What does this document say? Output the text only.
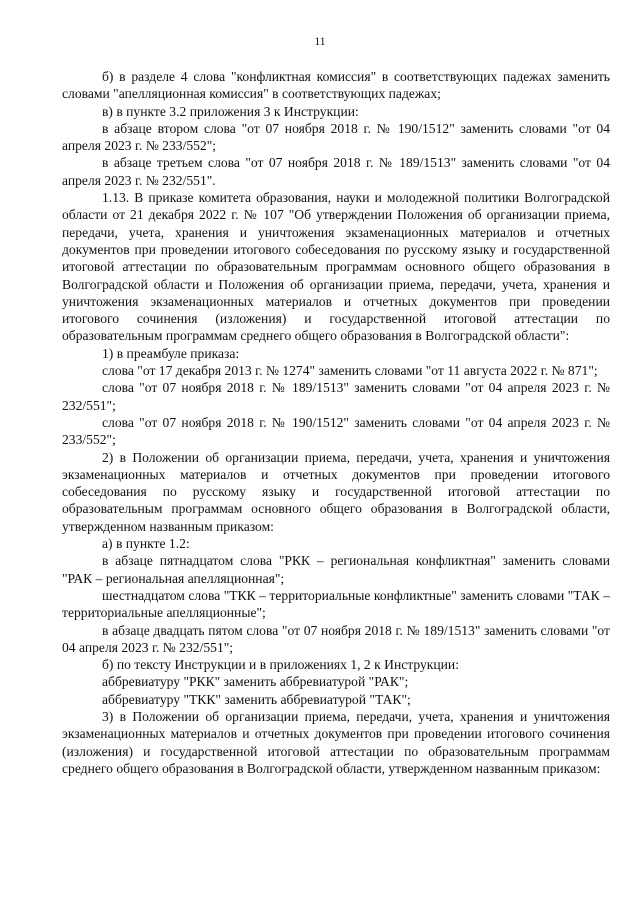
11

б) в разделе 4 слова "конфликтная комиссия" в соответствующих падежах заменить словами "апелляционная комиссия" в соответствующих падежах;

в) в пункте 3.2 приложения 3 к Инструкции:

в абзаце втором слова "от 07 ноября 2018 г. № 190/1512" заменить словами "от 04 апреля 2023 г. № 233/552";

в абзаце третьем слова "от 07 ноября 2018 г. № 189/1513" заменить словами "от 04 апреля 2023 г. № 232/551".

1.13. В приказе комитета образования, науки и молодежной политики Волгоградской области от 21 декабря 2022 г. № 107 "Об утверждении Положения об организации приема, передачи, учета, хранения и уничтожения экзаменационных материалов и отчетных документов при проведении итогового собеседования по русскому языку и государственной итоговой аттестации по образовательным программам основного общего образования в Волгоградской области и Положения об организации приема, передачи, учета, хранения и уничтожения экзаменационных материалов и отчетных документов при проведении итогового сочинения (изложения) и государственной итоговой аттестации по образовательным программам среднего общего образования в Волгоградской области":

1) в преамбуле приказа:

слова "от 17 декабря 2013 г. № 1274" заменить словами "от 11 августа 2022 г. № 871";

слова "от 07 ноября 2018 г. № 189/1513" заменить словами "от 04 апреля 2023 г. № 232/551";

слова "от 07 ноября 2018 г. № 190/1512" заменить словами "от 04 апреля 2023 г. № 233/552";

2) в Положении об организации приема, передачи, учета, хранения и уничтожения экзаменационных материалов и отчетных документов при проведении итогового собеседования по русскому языку и государственной итоговой аттестации по образовательным программам основного общего образования в Волгоградской области, утвержденном названным приказом:

а) в пункте 1.2:

в абзаце пятнадцатом слова "РКК – региональная конфликтная" заменить словами "РАК – региональная апелляционная";

шестнадцатом слова "ТКК – территориальные конфликтные" заменить словами "ТАК – территориальные апелляционные";

в абзаце двадцать пятом слова "от 07 ноября 2018 г. № 189/1513" заменить словами "от 04 апреля 2023 г. № 232/551";

б) по тексту Инструкции и в приложениях 1, 2 к Инструкции:

аббревиатуру "РКК" заменить аббревиатурой "РАК";

аббревиатуру "ТКК" заменить аббревиатурой "ТАК";

3) в Положении об организации приема, передачи, учета, хранения и уничтожения экзаменационных материалов и отчетных документов при проведении итогового сочинения (изложения) и государственной итоговой аттестации по образовательным программам среднего общего образования в Волгоградской области, утвержденном названным приказом:
